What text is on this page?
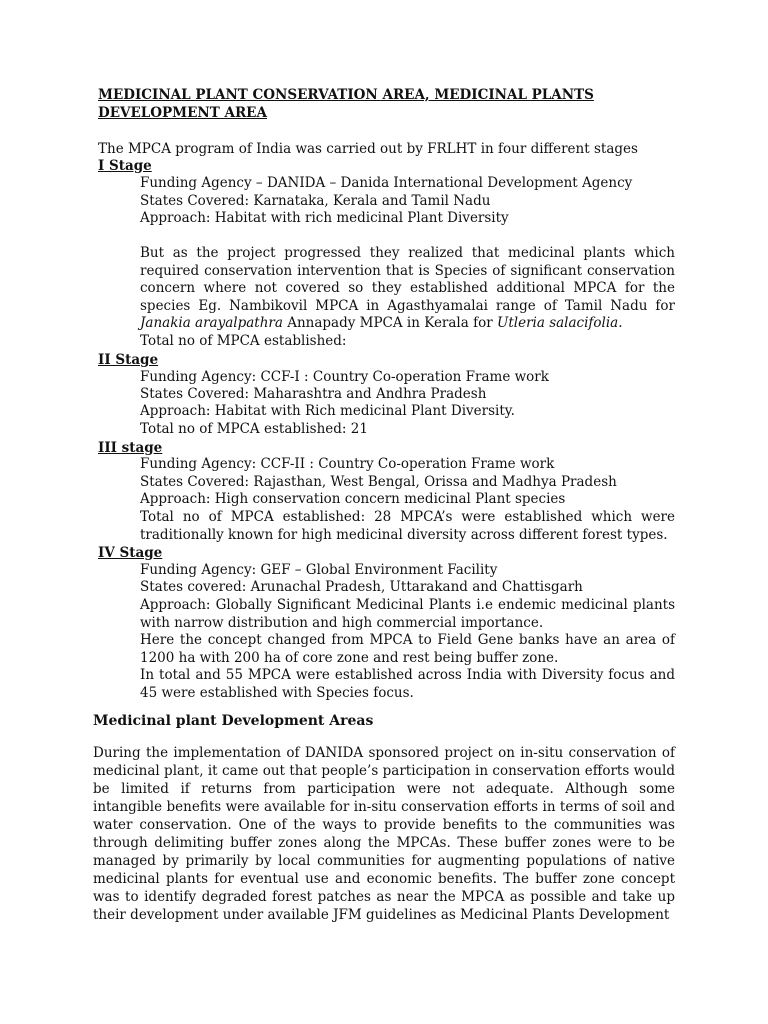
MEDICINAL PLANT CONSERVATION AREA, MEDICINAL PLANTS DEVELOPMENT AREA
The MPCA program of India was carried out by FRLHT in four different stages
I Stage
Funding Agency – DANIDA – Danida International Development Agency
States Covered: Karnataka, Kerala and Tamil Nadu
Approach: Habitat with rich medicinal Plant Diversity
But as the project progressed they realized that medicinal plants which required conservation intervention that is Species of significant conservation concern where not covered so they established additional MPCA for the species Eg. Nambikovil MPCA in Agasthyamalai range of Tamil Nadu for Janakia arayalpathra Annapady MPCA in Kerala for Utleria salacifolia.
Total no of MPCA established:
II Stage
Funding Agency: CCF-I : Country Co-operation Frame work
States Covered: Maharashtra and Andhra Pradesh
Approach: Habitat with Rich medicinal Plant Diversity.
Total no of MPCA established: 21
III stage
Funding Agency: CCF-II : Country Co-operation Frame work
States Covered: Rajasthan, West Bengal, Orissa and Madhya Pradesh
Approach: High conservation concern medicinal Plant species
Total no of MPCA established: 28 MPCA’s were established which were traditionally known for high medicinal diversity across different forest types.
IV Stage
Funding Agency: GEF – Global Environment Facility
States covered: Arunachal Pradesh, Uttarakand and Chattisgarh
Approach: Globally Significant Medicinal Plants i.e endemic medicinal plants with narrow distribution and high commercial importance.
Here the concept changed from MPCA to Field Gene banks have an area of 1200 ha with 200 ha of core zone and rest being buffer zone.
In total and 55 MPCA were established across India with Diversity focus and 45 were established with Species focus.
Medicinal plant Development Areas
During the implementation of DANIDA sponsored project on in-situ conservation of medicinal plant, it came out that people’s participation in conservation efforts would be limited if returns from participation were not adequate. Although some intangible benefits were available for in-situ conservation efforts in terms of soil and water conservation. One of the ways to provide benefits to the communities was through delimiting buffer zones along the MPCAs. These buffer zones were to be managed by primarily by local communities for augmenting populations of native medicinal plants for eventual use and economic benefits. The buffer zone concept was to identify degraded forest patches as near the MPCA as possible and take up their development under available JFM guidelines as Medicinal Plants Development
